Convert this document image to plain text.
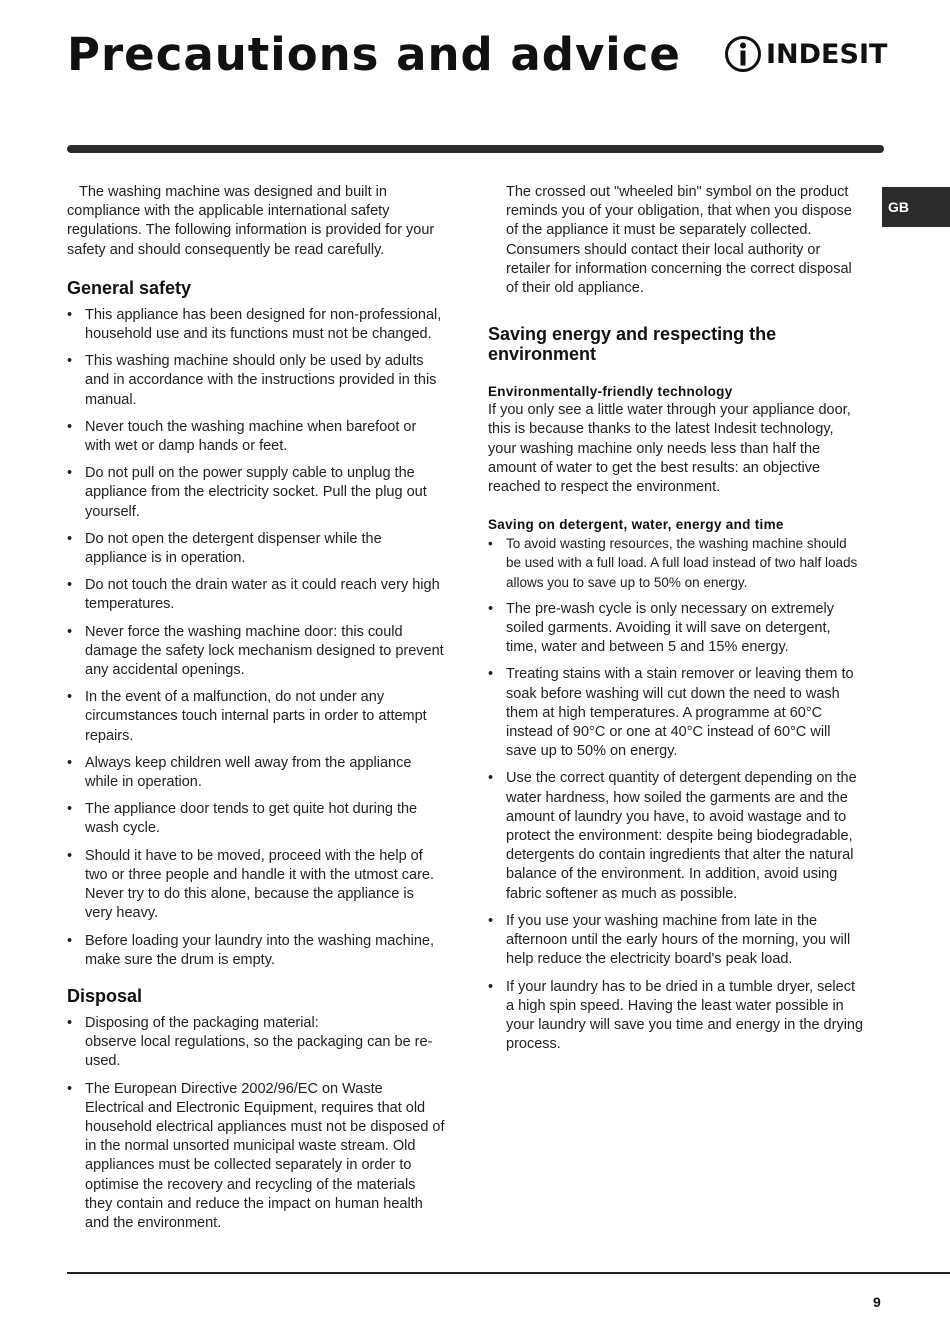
Precautions and advice	INDESIT
GB

The washing machine was designed and built in compliance with the applicable international safety regulations. The following information is provided for your safety and should consequently be read carefully.

General safety
• This appliance has been designed for non-professional, household use and its functions must not be changed.
• This washing machine should only be used by adults and in accordance with the instructions provided in this manual.
• Never touch the washing machine when barefoot or with wet or damp hands or feet.
• Do not pull on the power supply cable to unplug the appliance from the electricity socket. Pull the plug out yourself.
• Do not open the detergent dispenser while the appliance is in operation.
• Do not touch the drain water as it could reach very high temperatures.
• Never force the washing machine door: this could damage the safety lock mechanism designed to prevent any accidental openings.
• In the event of a malfunction, do not under any circumstances touch internal parts in order to attempt repairs.
• Always keep children well away from the appliance while in operation.
• The appliance door tends to get quite hot during the wash cycle.
• Should it have to be moved, proceed with the help of two or three people and handle it with the utmost care. Never try to do this alone, because the appliance is very heavy.
• Before loading your laundry into the washing machine, make sure the drum is empty.
Disposal
• Disposing of the packaging material:
observe local regulations, so the packaging can be re-used.
• The European Directive 2002/96/EC on Waste Electrical and Electronic Equipment, requires that old household electrical appliances must not be disposed of in the normal unsorted municipal waste stream. Old appliances must be collected separately in order to optimise the recovery and recycling of the materials they contain and reduce the impact on human health and the environment.

The crossed out "wheeled bin" symbol on the product reminds you of your obligation, that when you dispose of the appliance it must be separately collected.

Consumers should contact their local authority or retailer for information concerning the correct disposal of their old appliance.

Saving energy and respecting the environment
Environmentally-friendly technology

If you only see a little water through your appliance door, this is because thanks to the latest Indesit technology, your washing machine only needs less than half the amount of water to get the best results: an objective reached to respect the environment.

Saving on detergent, water, energy and time
• To avoid wasting resources, the washing machine should be used with a full load. A full load instead of two half loads allows you to save up to 50% on energy.
• The pre-wash cycle is only necessary on extremely soiled garments. Avoiding it will save on detergent, time, water and between 5 and 15% energy.
• Treating stains with a stain remover or leaving them to soak before washing will cut down the need to wash them at high temperatures. A programme at 60°C instead of 90°C or one at 40°C instead of 60°C will save up to 50% on energy.
• Use the correct quantity of detergent depending on the water hardness, how soiled the garments are and the amount of laundry you have, to avoid wastage and to protect the environment: despite being biodegradable, detergents do contain ingredients that alter the natural balance of the environment. In addition, avoid using fabric softener as much as possible.
• If you use your washing machine from late in the afternoon until the early hours of the morning, you will help reduce the electricity board's peak load.
• If your laundry has to be dried in a tumble dryer, select a high spin speed. Having the least water possible in your laundry will save you time and energy in the drying process.
9
